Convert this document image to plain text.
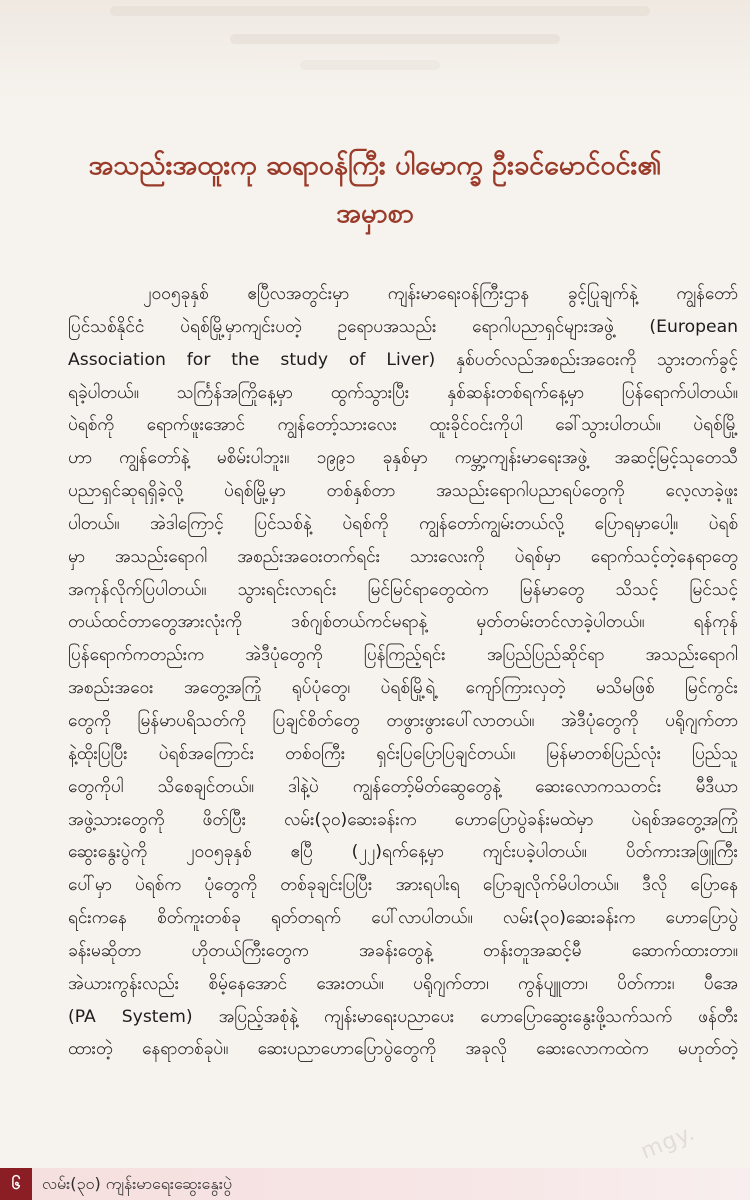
အသည်းအထူးကု ဆရာဝန်ကြီး ပါမောက္ခ ဦးခင်မောင်ဝင်း၏
အမှာစာ
၂၀၀၅ခုနှစ် ဧပြီလအတွင်းမှာ ကျန်းမာရေးဝန်ကြီးဌာန ခွင့်ပြုချက်နဲ့ ကျွန်တော်
ပြင်သစ်နိုင်ငံ ပဲရစ်မြို့မှာကျင်းပတဲ့ ဥရောပအသည်း ရောဂါပညာရှင်များအဖွဲ့ (European
Association for the study of Liver) နှစ်ပတ်လည်အစည်းအဝေးကို သွားတက်ခွင့်
ရခဲ့ပါတယ်။ သင်္ကြန်အကြိုနေ့မှာ ထွက်သွားပြီး နှစ်ဆန်းတစ်ရက်နေ့မှာ ပြန်ရောက်ပါတယ်။
ပဲရစ်ကို ရောက်ဖူးအောင် ကျွန်တော့်သားလေး ထူးခိုင်ဝင်းကိုပါ ခေါ်သွားပါတယ်။ ပဲရစ်မြို့
ဟာ ကျွန်တော်နဲ့ မစိမ်းပါဘူး။ ၁၉၉၁ ခုနှစ်မှာ ကမ္ဘာ့ကျန်းမာရေးအဖွဲ့ အဆင့်မြင့်သုတေသီ
ပညာရှင်ဆုရရှိခဲ့လို့ ပဲရစ်မြို့မှာ တစ်နှစ်တာ အသည်းရောဂါပညာရပ်တွေကို လေ့လာခဲ့ဖူး
ပါတယ်။ အဲဒါကြောင့် ပြင်သစ်နဲ့ ပဲရစ်ကို ကျွန်တော်ကျွမ်းတယ်လို့ ပြောရမှာပေါ့။ ပဲရစ်
မှာ အသည်းရောဂါ အစည်းအဝေးတက်ရင်း သားလေးကို ပဲရစ်မှာ ရောက်သင့်တဲ့နေရာတွေ
အကုန်လိုက်ပြပါတယ်။ သွားရင်းလာရင်း မြင်မြင်ရာတွေထဲက မြန်မာတွေ သိသင့် မြင်သင့်
တယ်ထင်တာတွေအားလုံးကို ဒစ်ဂျစ်တယ်ကင်မရာနဲ့ မှတ်တမ်းတင်လာခဲ့ပါတယ်။ ရန်ကုန်
ပြန်ရောက်ကတည်းက အဲဒီပုံတွေကို ပြန်ကြည့်ရင်း အပြည်ပြည်ဆိုင်ရာ အသည်းရောဂါ
အစည်းအဝေး အတွေ့အကြုံ ရုပ်ပုံတွေ၊ ပဲရစ်မြို့ရဲ့ ကျော်ကြားလှတဲ့ မသိမဖြစ် မြင်ကွင်း
တွေကို မြန်မာပရိသတ်ကို ပြချင်စိတ်တွေ တဖွားဖွားပေါ်လာတယ်။ အဲဒီပုံတွေကို ပရိုဂျက်တာ
နဲ့ထိုးပြပြီး ပဲရစ်အကြောင်း တစ်ဝကြီး ရှင်းပြပြောပြချင်တယ်။ မြန်မာတစ်ပြည်လုံး ပြည်သူ
တွေကိုပါ သိစေချင်တယ်။ ဒါနဲ့ပဲ ကျွန်တော့်မိတ်ဆွေတွေနဲ့ ဆေးလောကသတင်း မီဒီယာ
အဖွဲ့သားတွေကို ဖိတ်ပြီး လမ်း(၃၀)ဆေးခန်းက ဟောပြောပွဲခန်းမထဲမှာ ပဲရစ်အတွေ့အကြုံ
ဆွေးနွေးပွဲကို ၂၀၀၅ခုနှစ် ဧပြီ (၂၂)ရက်နေ့မှာ ကျင်းပခဲ့ပါတယ်။ ပိတ်ကားအဖြူကြီး
ပေါ်မှာ ပဲရစ်က ပုံတွေကို တစ်ခုချင်းပြပြီး အားရပါးရ ပြောချလိုက်မိပါတယ်။ ဒီလို ပြောနေ
ရင်းကနေ စိတ်ကူးတစ်ခု ရုတ်တရက် ပေါ်လာပါတယ်။ လမ်း(၃၀)ဆေးခန်းက ဟောပြောပွဲ
ခန်းမဆိုတာ ဟိုတယ်ကြီးတွေက အခန်းတွေနဲ့ တန်းတူအဆင့်မီ ဆောက်ထားတာ။
အဲယားကွန်းလည်း စိမ့်နေအောင် အေးတယ်။ ပရိုဂျက်တာ၊ ကွန်ပျူတာ၊ ပိတ်ကား၊ ပီအေ
(PA System) အပြည့်အစုံနဲ့ ကျန်းမာရေးပညာပေး ဟောပြောဆွေးနွေးဖို့သက်သက် ဖန်တီး
ထားတဲ့ နေရာတစ်ခုပဲ။ ဆေးပညာဟောပြောပွဲတွေကို အခုလို ဆေးလောကထဲက မဟုတ်တဲ့
၆	လမ်း(၃၀) ကျန်းမာရေးဆွေးနွေးပွဲ
mgy.
